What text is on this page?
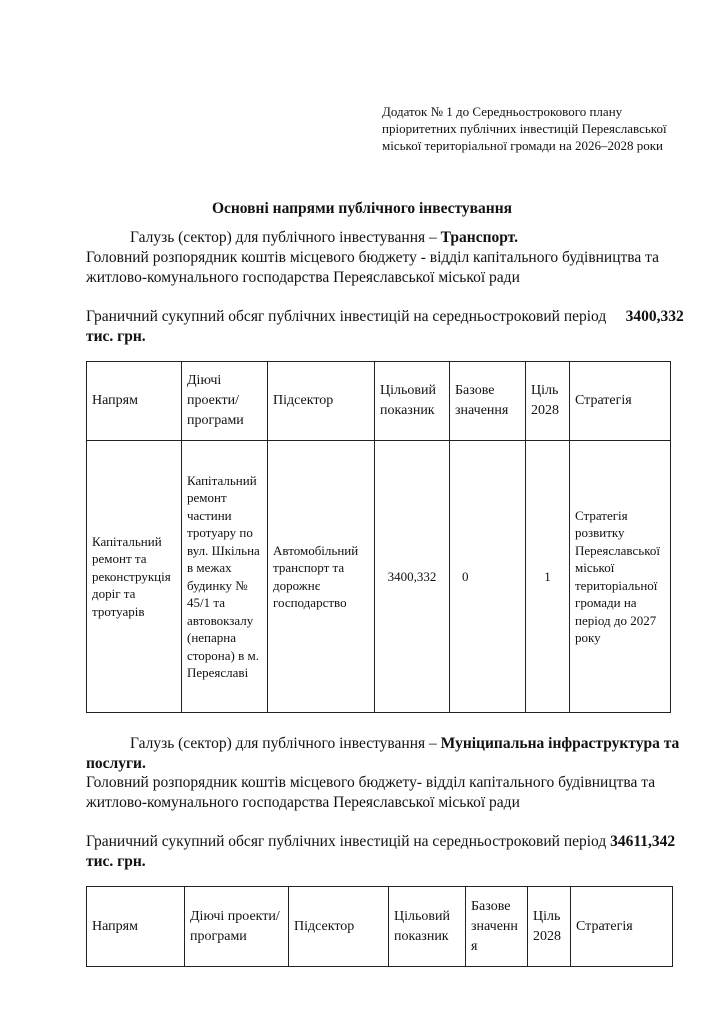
Додаток № 1 до Середньострокового плану пріоритетних публічних інвестицій Переяславської міської територіальної громади на 2026–2028 роки
Основні напрями публічного інвестування
Галузь (сектор) для публічного інвестування – Транспорт.
Головний розпорядник коштів місцевого бюджету - відділ капітального будівництва та житлово-комунального господарства Переяславської міської ради
Граничний сукупний обсяг публічних інвестицій на середньостроковий період     3400,332 тис. грн.
Напрям	Діючі проекти/ програми	Підсектор	Цільовий показник	Базове значення	Ціль 2028	Стратегія
Капітальний ремонт та реконструкція доріг та тротуарів	Капітальний ремонт частини тротуару по вул. Шкільна в межах будинку № 45/1 та автовокзалу (непарна сторона) в м. Переяславі	Автомобільний транспорт та дорожнє господарство	3400,332	0	1	Стратегія розвитку Переяславської міської територіальної громади на період до 2027 року
Галузь (сектор) для публічного інвестування – Муніципальна інфраструктура та послуги.
Головний розпорядник коштів місцевого бюджету- відділ капітального будівництва та житлово-комунального господарства Переяславської міської ради
Граничний сукупний обсяг публічних інвестицій на середньостроковий період 34611,342 тис. грн.
Напрям	Діючі проекти/ програми	Підсектор	Цільовий показник	Базове значення	Ціль 2028	Стратегія
